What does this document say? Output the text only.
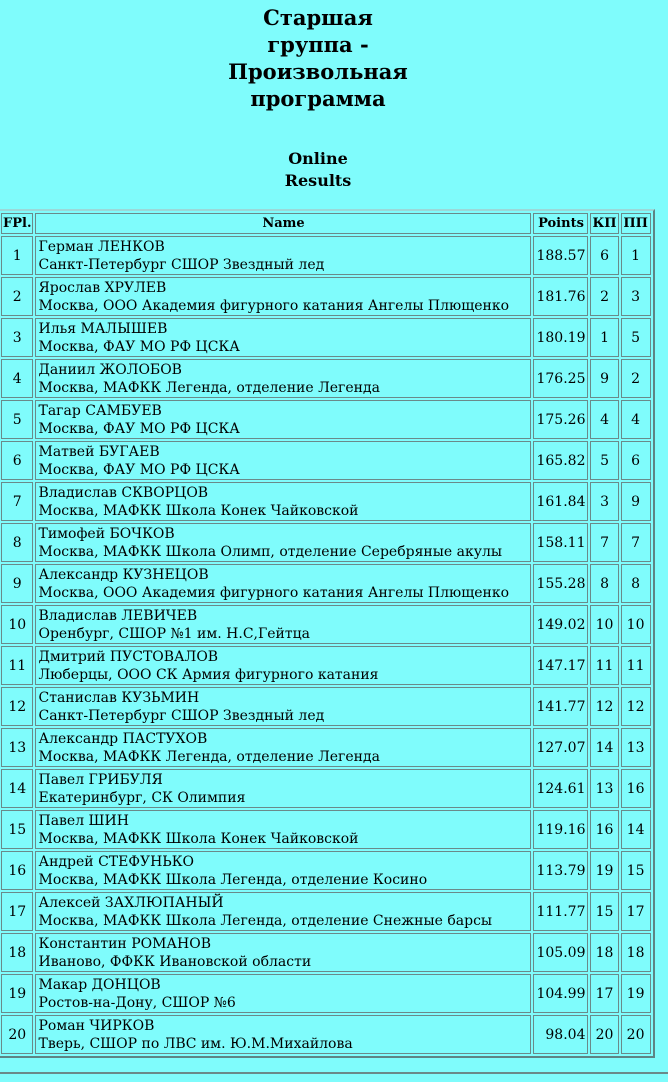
Старшая
группа -
Произвольная
программа
Online
Results
FPl.	Name	Points	КП	ПП
1	Герман ЛЕНКОВ
Санкт-Петербург СШОР Звездный лед	188.57	6	1
2	Ярослав ХРУЛЕВ
Москва, ООО Академия фигурного катания Ангелы Плющенко	181.76	2	3
3	Илья МАЛЫШЕВ
Москва, ФАУ МО РФ ЦСКА	180.19	1	5
4	Даниил ЖОЛОБОВ
Москва, МАФКК Легенда, отделение Легенда	176.25	9	2
5	Тагар САМБУЕВ
Москва, ФАУ МО РФ ЦСКА	175.26	4	4
6	Матвей БУГАЕВ
Москва, ФАУ МО РФ ЦСКА	165.82	5	6
7	Владислав СКВОРЦОВ
Москва, МАФКК Школа Конек Чайковской	161.84	3	9
8	Тимофей БОЧКОВ
Москва, МАФКК Школа Олимп, отделение Серебряные акулы	158.11	7	7
9	Александр КУЗНЕЦОВ
Москва, ООО Академия фигурного катания Ангелы Плющенко	155.28	8	8
10	Владислав ЛЕВИЧЕВ
Оренбург, СШОР №1 им. Н.С,Гейтца	149.02	10	10
11	Дмитрий ПУСТОВАЛОВ
Люберцы, ООО СК Армия фигурного катания	147.17	11	11
12	Станислав КУЗЬМИН
Санкт-Петербург СШОР Звездный лед	141.77	12	12
13	Александр ПАСТУХОВ
Москва, МАФКК Легенда, отделение Легенда	127.07	14	13
14	Павел ГРИБУЛЯ
Екатеринбург, СК Олимпия	124.61	13	16
15	Павел ШИН
Москва, МАФКК Школа Конек Чайковской	119.16	16	14
16	Андрей СТЕФУНЬКО
Москва, МАФКК Школа Легенда, отделение Косино	113.79	19	15
17	Алексей ЗАХЛЮПАНЫЙ
Москва, МАФКК Школа Легенда, отделение Снежные барсы	111.77	15	17
18	Константин РОМАНОВ
Иваново, ФФКК Ивановской области	105.09	18	18
19	Макар ДОНЦОВ
Ростов-на-Дону, СШОР №6	104.99	17	19
20	Роман ЧИРКОВ
Тверь, СШОР по ЛВС им. Ю.М.Михайлова	98.04	20	20
